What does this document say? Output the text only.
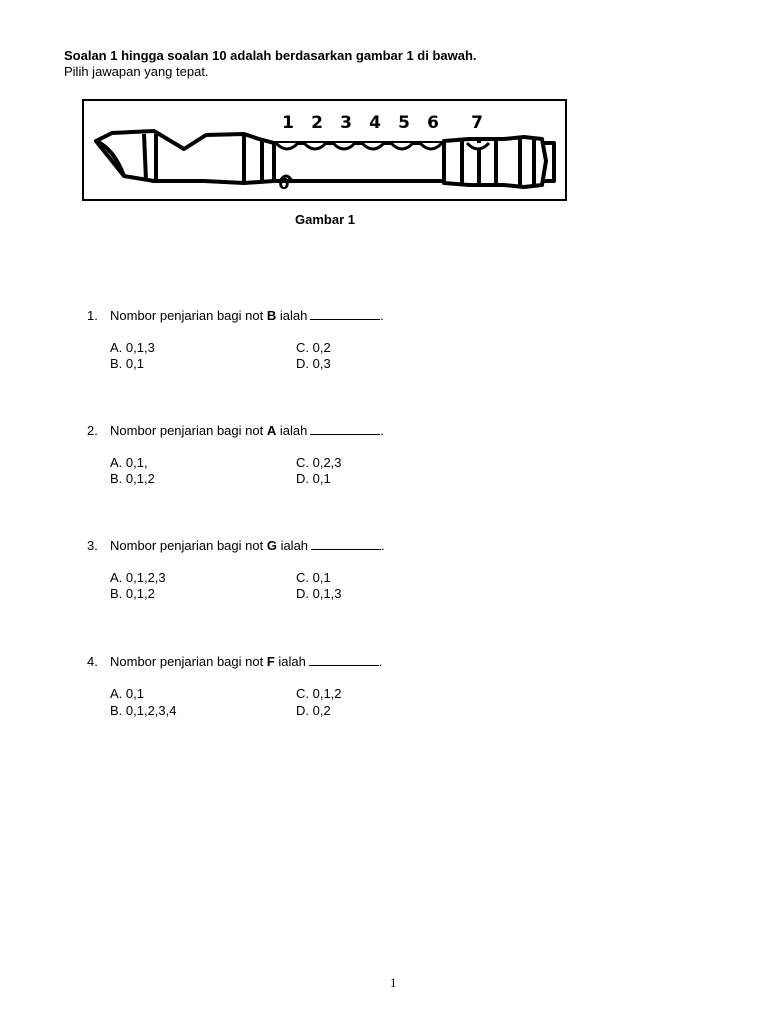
Soalan 1 hingga soalan 10 adalah berdasarkan gambar 1 di bawah.
Pilih jawapan yang tepat.
0
1 2 3 4 5 6 7
Gambar 1
1. Nombor penjarian bagi not B ialah	.
A. 0,1,3
B. 0,1
C. 0,2
D. 0,3
2. Nombor penjarian bagi not A ialah	.
A. 0,1,
B. 0,1,2
C. 0,2,3
D. 0,1
3. Nombor penjarian bagi not G ialah	.
A. 0,1,2,3
B. 0,1,2
C. 0,1
D. 0,1,3
4. Nombor penjarian bagi not F ialah	.
A. 0,1
B. 0,1,2,3,4
C. 0,1,2
D. 0,2
1
